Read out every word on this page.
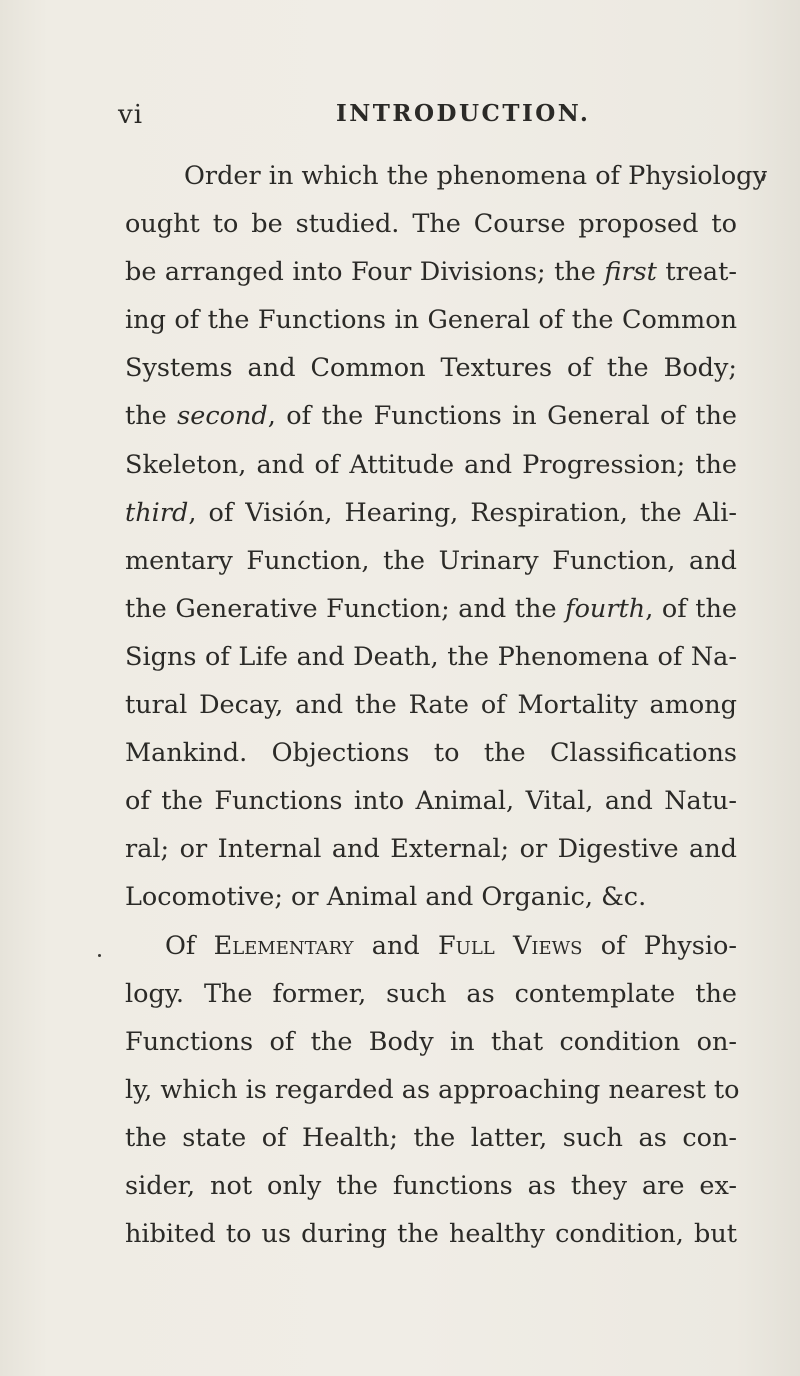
vi	INTRODUCTION.
Order in which the phenomena of Physiology
ought to be studied. The Course proposed to
be arranged into Four Divisions; the first treat-
ing of the Functions in General of the Common
Systems and Common Textures of the Body;
the second, of the Functions in General of the
Skeleton, and of Attitude and Progression; the
third, of Visión, Hearing, Respiration, the Ali-
mentary Function, the Urinary Function, and
the Generative Function; and the fourth, of the
Signs of Life and Death, the Phenomena of Na-
tural Decay, and the Rate of Mortality among
Mankind. Objections to the Classifications
of the Functions into Animal, Vital, and Natu-
ral; or Internal and External; or Digestive and
Locomotive; or Animal and Organic, &c.
Of Elementary and Full Views of Physio-
logy. The former, such as contemplate the
Functions of the Body in that condition on-
ly, which is regarded as approaching nearest to
the state of Health; the latter, such as con-
sider, not only the functions as they are ex-
hibited to us during the healthy condition, but
